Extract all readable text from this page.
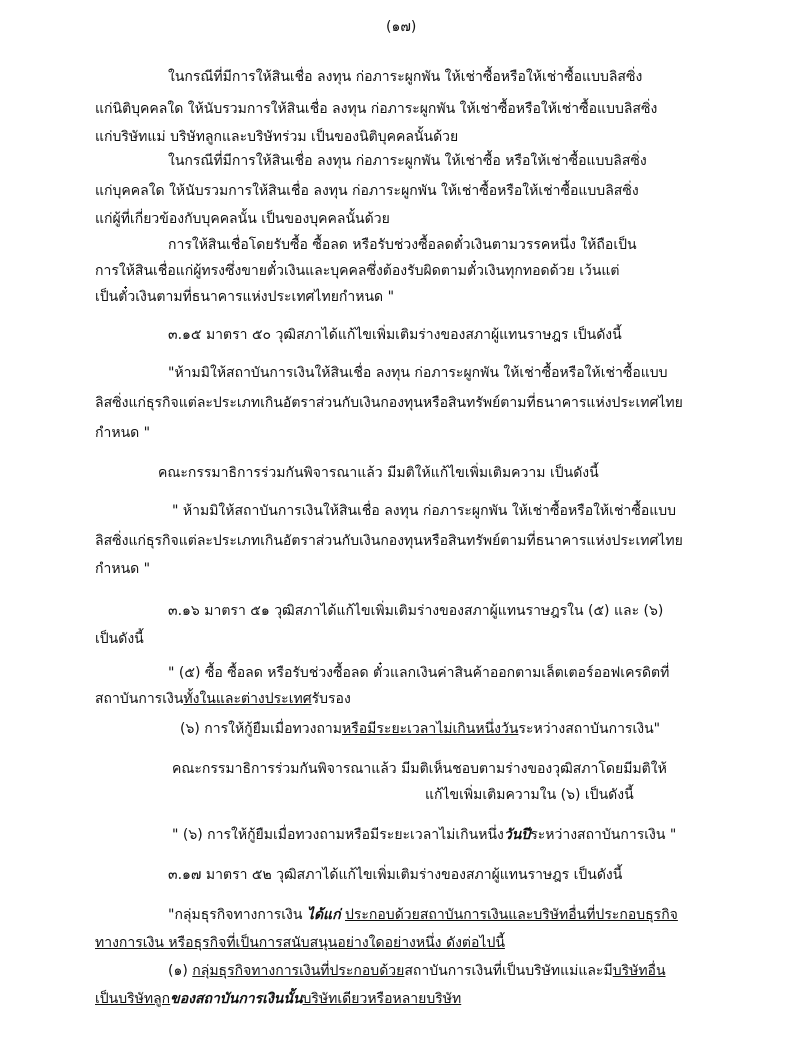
(๑๗)
ในกรณีที่มีการให้สินเชื่อ ลงทุน ก่อภาระผูกพัน ให้เช่าซื้อหรือให้เช่าซื้อแบบลิสซิ่ง
แก่นิติบุคคลใด ให้นับรวมการให้สินเชื่อ ลงทุน ก่อภาระผูกพัน ให้เช่าซื้อหรือให้เช่าซื้อแบบลิสซิ่ง
แก่บริษัทแม่ บริษัทลูกและบริษัทร่วม เป็นของนิติบุคคลนั้นด้วย
ในกรณีที่มีการให้สินเชื่อ ลงทุน ก่อภาระผูกพัน ให้เช่าซื้อ หรือให้เช่าซื้อแบบลิสซิ่ง
แก่บุคคลใด ให้นับรวมการให้สินเชื่อ ลงทุน ก่อภาระผูกพัน ให้เช่าซื้อหรือให้เช่าซื้อแบบลิสซิ่ง
แก่ผู้ที่เกี่ยวข้องกับบุคคลนั้น เป็นของบุคคลนั้นด้วย
การให้สินเชื่อโดยรับซื้อ ซื้อลด หรือรับช่วงซื้อลดตั๋วเงินตามวรรคหนึ่ง ให้ถือเป็น
การให้สินเชื่อแก่ผู้ทรงซึ่งขายตั๋วเงินและบุคคลซึ่งต้องรับผิดตามตั๋วเงินทุกทอดด้วย เว้นแต่
เป็นตั๋วเงินตามที่ธนาคารแห่งประเทศไทยกำหนด "
๓.๑๕ มาตรา ๕๐ วุฒิสภาได้แก้ไขเพิ่มเติมร่างของสภาผู้แทนราษฎร เป็นดังนี้
"ห้ามมิให้สถาบันการเงินให้สินเชื่อ ลงทุน ก่อภาระผูกพัน ให้เช่าซื้อหรือให้เช่าซื้อแบบ
ลิสซิ่งแก่ธุรกิจแต่ละประเภทเกินอัตราส่วนกับเงินกองทุนหรือสินทรัพย์ตามที่ธนาคารแห่งประเทศไทย
กำหนด "
คณะกรรมาธิการร่วมกันพิจารณาแล้ว มีมติให้แก้ไขเพิ่มเติมความ เป็นดังนี้
" ห้ามมิให้สถาบันการเงินให้สินเชื่อ ลงทุน ก่อภาระผูกพัน ให้เช่าซื้อหรือให้เช่าซื้อแบบ
ลิสซิ่งแก่ธุรกิจแต่ละประเภทเกินอัตราส่วนกับเงินกองทุนหรือสินทรัพย์ตามที่ธนาคารแห่งประเทศไทย
กำหนด "
๓.๑๖ มาตรา ๕๑ วุฒิสภาได้แก้ไขเพิ่มเติมร่างของสภาผู้แทนราษฎรใน (๕) และ (๖)
เป็นดังนี้
" (๕) ซื้อ ซื้อลด หรือรับช่วงซื้อลด ตั๋วแลกเงินค่าสินค้าออกตามเล็ตเตอร์ออฟเครดิตที่
สถาบันการเงินทั้งในและต่างประเทศรับรอง
(๖) การให้กู้ยืมเมื่อทวงถามหรือมีระยะเวลาไม่เกินหนึ่งวันระหว่างสถาบันการเงิน"
คณะกรรมาธิการร่วมกันพิจารณาแล้ว มีมติเห็นชอบตามร่างของวุฒิสภาโดยมีมติให้
แก้ไขเพิ่มเติมความใน (๖) เป็นดังนี้
" (๖) การให้กู้ยืมเมื่อทวงถามหรือมีระยะเวลาไม่เกินหนึ่งวันปีระหว่างสถาบันการเงิน "
๓.๑๗ มาตรา ๕๒ วุฒิสภาได้แก้ไขเพิ่มเติมร่างของสภาผู้แทนราษฎร เป็นดังนี้
"กลุ่มธุรกิจทางการเงิน ได้แก่ ประกอบด้วยสถาบันการเงินและบริษัทอื่นที่ประกอบธุรกิจ
ทางการเงิน หรือธุรกิจที่เป็นการสนับสนุนอย่างใดอย่างหนึ่ง ดังต่อไปนี้
(๑) กลุ่มธุรกิจทางการเงินที่ประกอบด้วยสถาบันการเงินที่เป็นบริษัทแม่และมีบริษัทอื่น
เป็นบริษัทลูกของสถาบันการเงินนั้นบริษัทเดียวหรือหลายบริษัท
